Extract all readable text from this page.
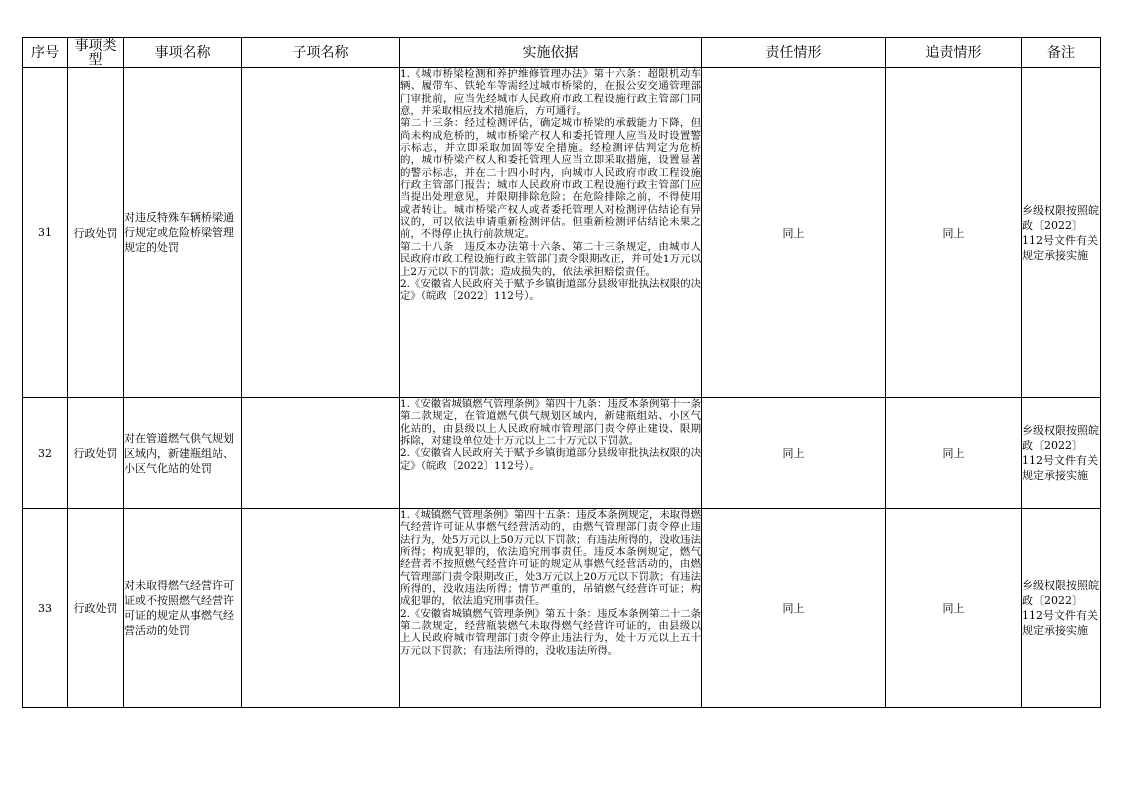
序号	事项类型	事项名称	子项名称	实施依据	责任情形	追责情形	备注

31	行政处罚	对违反特殊车辆桥梁通行规定或危险桥梁管理规定的处罚		1.《城市桥梁检测和养护维修管理办法》第十六条：超限机动车辆、履带车、铁轮车等需经过城市桥梁的，在报公安交通管理部门审批前，应当先经城市人民政府市政工程设施行政主管部门同意，并采取相应技术措施后，方可通行。

第二十三条：经过检测评估，确定城市桥梁的承载能力下降，但尚未构成危桥的，城市桥梁产权人和委托管理人应当及时设置警示标志，并立即采取加固等安全措施。经检测评估判定为危桥的，城市桥梁产权人和委托管理人应当立即采取措施，设置显著的警示标志，并在二十四小时内，向城市人民政府市政工程设施行政主管部门报告；城市人民政府市政工程设施行政主管部门应当提出处理意见，并限期排除危险；在危险排除之前，不得使用或者转让。城市桥梁产权人或者委托管理人对检测评估结论有异议的，可以依法申请重新检测评估。但重新检测评估结论未果之前，不得停止执行前款规定。

第二十八条　违反本办法第十六条、第二十三条规定，由城市人民政府市政工程设施行政主管部门责令限期改正，并可处1万元以上2万元以下的罚款；造成损失的，依法承担赔偿责任。

2.《安徽省人民政府关于赋予乡镇街道部分县级审批执法权限的决定》（皖政〔2022〕112号）。	同上	同上	乡级权限按照皖政〔2022〕112号文件有关规定承接实施
32	行政处罚	对在管道燃气供气规划区域内，新建瓶组站、小区气化站的处罚		1.《安徽省城镇燃气管理条例》第四十九条：违反本条例第十一条第二款规定，在管道燃气供气规划区域内，新建瓶组站、小区气化站的，由县级以上人民政府城市管理部门责令停止建设、限期拆除，对建设单位处十万元以上二十万元以下罚款。

2.《安徽省人民政府关于赋予乡镇街道部分县级审批执法权限的决定》（皖政〔2022〕112号）。	同上	同上	乡级权限按照皖政〔2022〕112号文件有关规定承接实施
33	行政处罚	对未取得燃气经营许可证或不按照燃气经营许可证的规定从事燃气经营活动的处罚		1.《城镇燃气管理条例》第四十五条：违反本条例规定，未取得燃气经营许可证从事燃气经营活动的，由燃气管理部门责令停止违法行为，处5万元以上50万元以下罚款；有违法所得的，没收违法所得；构成犯罪的，依法追究刑事责任。违反本条例规定，燃气经营者不按照燃气经营许可证的规定从事燃气经营活动的，由燃气管理部门责令限期改正，处3万元以上20万元以下罚款；有违法所得的，没收违法所得；情节严重的，吊销燃气经营许可证；构成犯罪的，依法追究刑事责任。

2.《安徽省城镇燃气管理条例》第五十条：违反本条例第二十二条第二款规定，经营瓶装燃气未取得燃气经营许可证的，由县级以上人民政府城市管理部门责令停止违法行为，处十万元以上五十万元以下罚款；有违法所得的，没收违法所得。	同上	同上	乡级权限按照皖政〔2022〕112号文件有关规定承接实施
